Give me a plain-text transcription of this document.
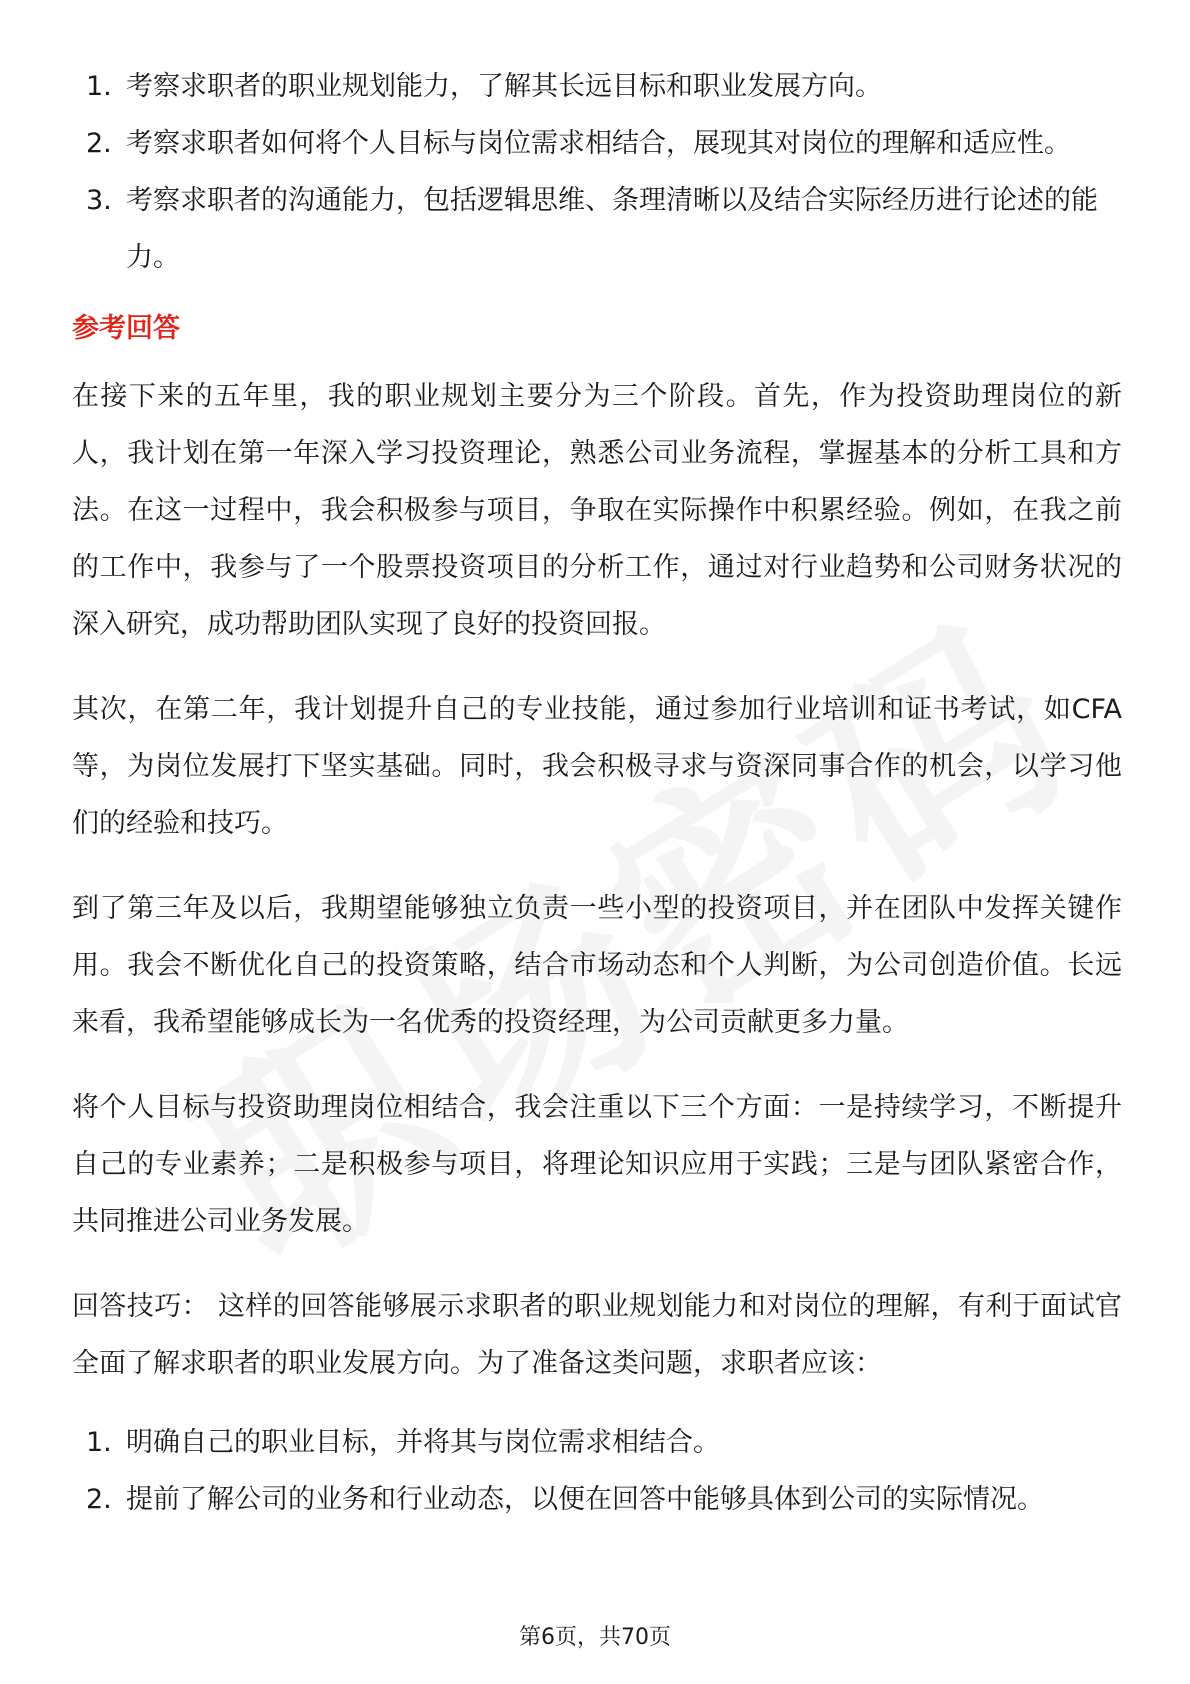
1. 考察求职者的职业规划能力，了解其长远目标和职业发展方向。
2. 考察求职者如何将个人目标与岗位需求相结合，展现其对岗位的理解和适应性。
3. 考察求职者的沟通能力，包括逻辑思维、条理清晰以及结合实际经历进行论述的能力。
参考回答

在接下来的五年里，我的职业规划主要分为三个阶段。首先，作为投资助理岗位的新人，我计划在第一年深入学习投资理论，熟悉公司业务流程，掌握基本的分析工具和方法。在这一过程中，我会积极参与项目，争取在实际操作中积累经验。例如，在我之前的工作中，我参与了一个股票投资项目的分析工作，通过对行业趋势和公司财务状况的深入研究，成功帮助团队实现了良好的投资回报。

其次，在第二年，我计划提升自己的专业技能，通过参加行业培训和证书考试，如CFA等，为岗位发展打下坚实基础。同时，我会积极寻求与资深同事合作的机会，以学习他们的经验和技巧。

到了第三年及以后，我期望能够独立负责一些小型的投资项目，并在团队中发挥关键作用。我会不断优化自己的投资策略，结合市场动态和个人判断，为公司创造价值。长远来看，我希望能够成长为一名优秀的投资经理，为公司贡献更多力量。

将个人目标与投资助理岗位相结合，我会注重以下三个方面：一是持续学习，不断提升自己的专业素养；二是积极参与项目，将理论知识应用于实践；三是与团队紧密合作，共同推进公司业务发展。

回答技巧： 这样的回答能够展示求职者的职业规划能力和对岗位的理解，有利于面试官全面了解求职者的职业发展方向。为了准备这类问题，求职者应该：

1. 明确自己的职业目标，并将其与岗位需求相结合。
2. 提前了解公司的业务和行业动态，以便在回答中能够具体到公司的实际情况。
第6页，共70页
